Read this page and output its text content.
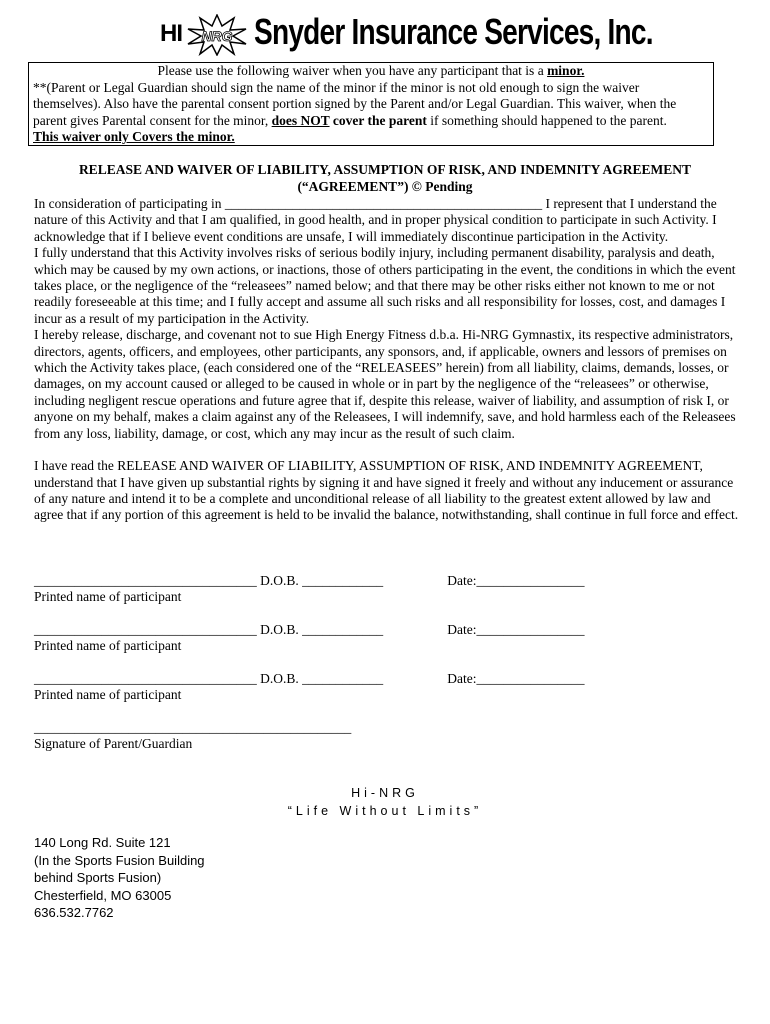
HI NRG Snyder Insurance Services, Inc.
Please use the following waiver when you have any participant that is a minor.
**(Parent or Legal Guardian should sign the name of the minor if the minor is not old enough to sign the waiver themselves). Also have the parental consent portion signed by the Parent and/or Legal Guardian. This waiver, when the parent gives Parental consent for the minor, does NOT cover the parent if something should happened to the parent.
This waiver only Covers the minor.
RELEASE AND WAIVER OF LIABILITY, ASSUMPTION OF RISK, AND INDEMNITY AGREEMENT
(“AGREEMENT”) © Pending

In consideration of participating in _______________________________________________ I represent that I understand the nature of this Activity and that I am qualified, in good health, and in proper physical condition to participate in such Activity. I acknowledge that if I believe event conditions are unsafe, I will immediately discontinue participation in the Activity.

I fully understand that this Activity involves risks of serious bodily injury, including permanent disability, paralysis and death, which may be caused by my own actions, or inactions, those of others participating in the event, the conditions in which the event takes place, or the negligence of the “releasees” named below; and that there may be other risks either not known to me or not readily foreseeable at this time; and I fully accept and assume all such risks and all responsibility for losses, cost, and damages I incur as a result of my participation in the Activity.

I hereby release, discharge, and covenant not to sue High Energy Fitness d.b.a. Hi-NRG Gymnastix, its respective administrators, directors, agents, officers, and employees, other participants, any sponsors, and, if applicable, owners and lessors of premises on which the Activity takes place, (each considered one of the “RELEASEES” herein) from all liability, claims, demands, losses, or damages, on my account caused or alleged to be caused in whole or in part by the negligence of the “releasees” or otherwise, including negligent rescue operations and future agree that if, despite this release, waiver of liability, and assumption of risk I, or anyone on my behalf, makes a claim against any of the Releasees, I will indemnify, save, and hold harmless each of the Releasees from any loss, liability, damage, or cost, which any may incur as the result of such claim.

I have read the RELEASE AND WAIVER OF LIABILITY, ASSUMPTION OF RISK, AND INDEMNITY AGREEMENT, understand that I have given up substantial rights by signing it and have signed it freely and without any inducement or assurance of any nature and intend it to be a complete and unconditional release of all liability to the greatest extent allowed by law and agree that if any portion of this agreement is held to be invalid the balance, notwithstanding, shall continue in full force and effect.

_________________________________ D.O.B. ____________                   Date:________________
Printed name of participant
_________________________________ D.O.B. ____________                   Date:________________
Printed name of participant
_________________________________ D.O.B. ____________                   Date:________________
Printed name of participant
_______________________________________________
Signature of Parent/Guardian
Hi-NRG
“Life Without Limits”
140 Long Rd. Suite 121
(In the Sports Fusion Building
behind Sports Fusion)
Chesterfield, MO 63005
636.532.7762
